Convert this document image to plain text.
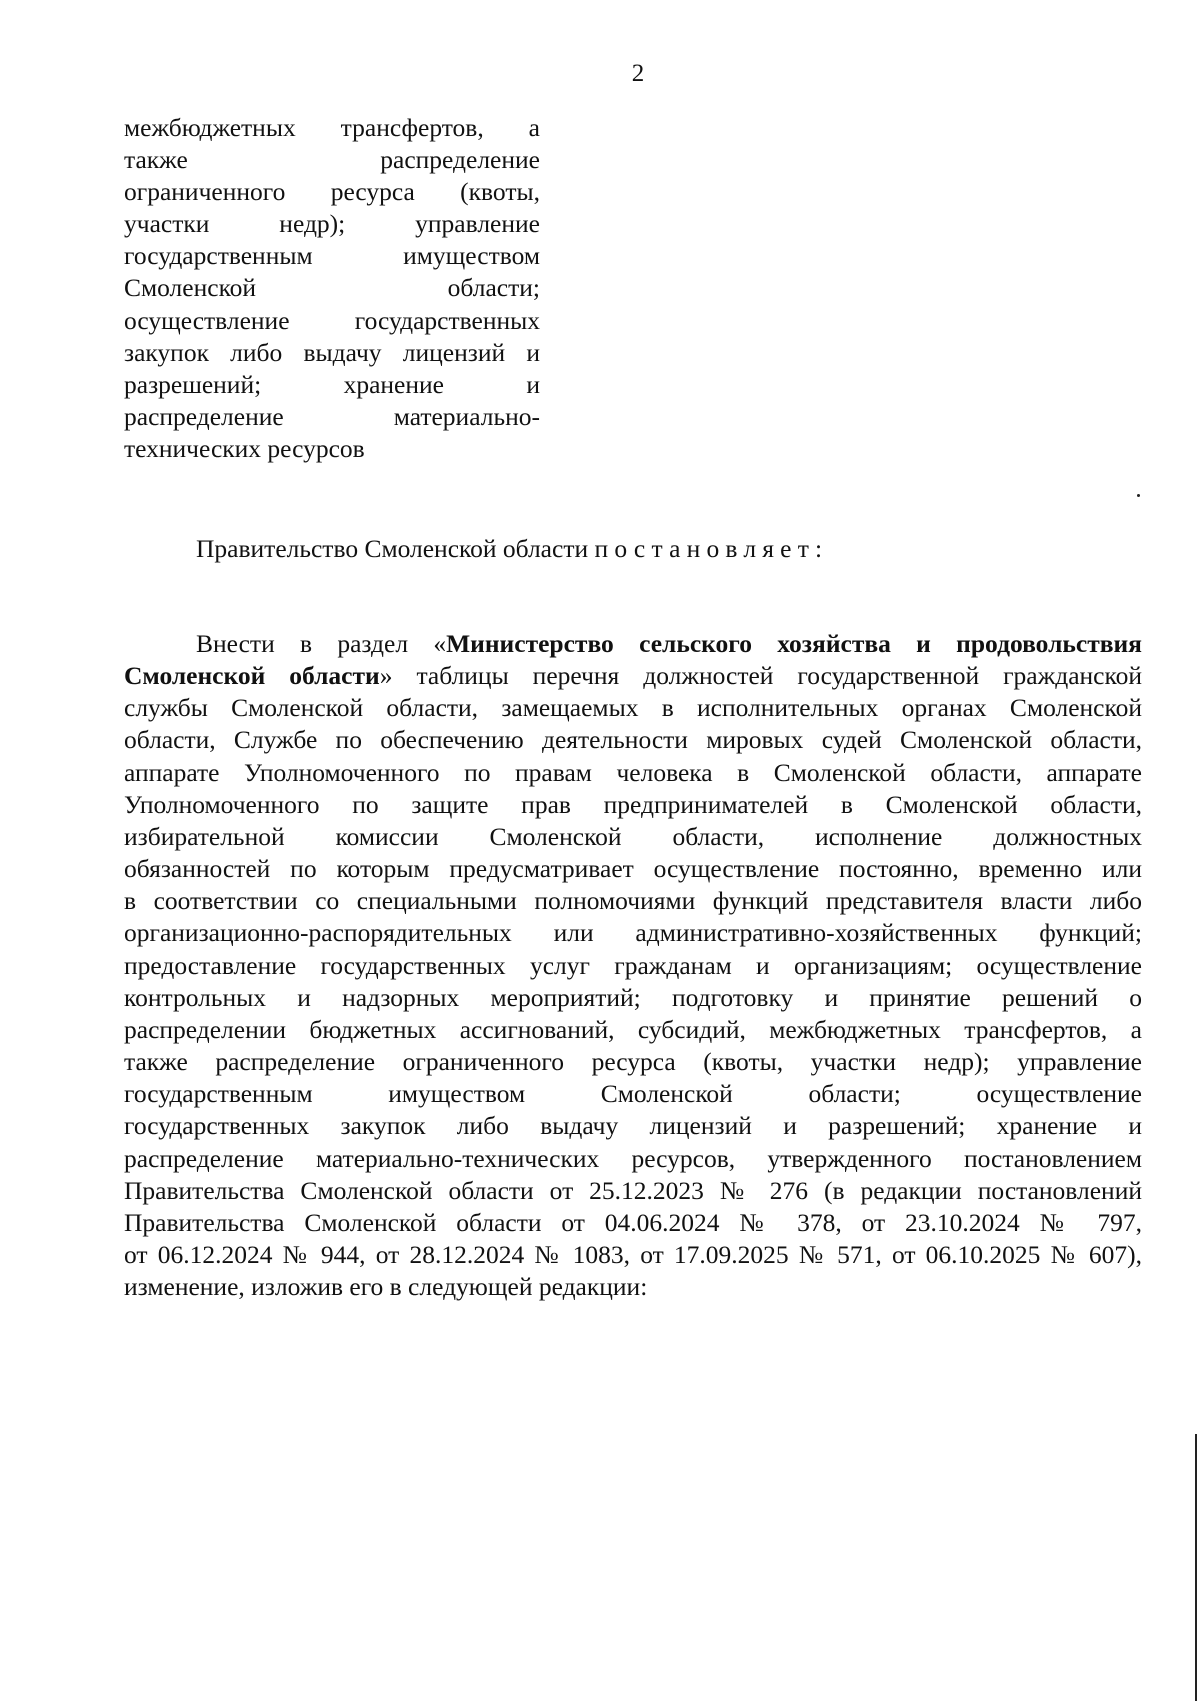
2
межбюджетных трансфертов, а
также распределение
ограниченного ресурса (квоты,
участки недр); управление
государственным имуществом
Смоленской области;
осуществление государственных
закупок либо выдачу лицензий и
разрешений; хранение и
распределение материально-
технических ресурсов
Правительство Смоленской области постановляет:
Внести в раздел «Министерство сельского хозяйства и продовольствия
Смоленской области» таблицы перечня должностей государственной гражданской
службы Смоленской области, замещаемых в исполнительных органах Смоленской
области, Службе по обеспечению деятельности мировых судей Смоленской области,
аппарате Уполномоченного по правам человека в Смоленской области, аппарате
Уполномоченного по защите прав предпринимателей в Смоленской области,
избирательной комиссии Смоленской области, исполнение должностных
обязанностей по которым предусматривает осуществление постоянно, временно или
в соответствии со специальными полномочиями функций представителя власти либо
организационно-распорядительных или административно-хозяйственных функций;
предоставление государственных услуг гражданам и организациям; осуществление
контрольных и надзорных мероприятий; подготовку и принятие решений о
распределении бюджетных ассигнований, субсидий, межбюджетных трансфертов, а
также распределение ограниченного ресурса (квоты, участки недр); управление
государственным имуществом Смоленской области; осуществление
государственных закупок либо выдачу лицензий и разрешений; хранение и
распределение материально-технических ресурсов, утвержденного постановлением
Правительства Смоленской области от 25.12.2023 № 276 (в редакции постановлений
Правительства Смоленской области от 04.06.2024 № 378, от 23.10.2024 № 797,
от 06.12.2024 № 944, от 28.12.2024 № 1083, от 17.09.2025 № 571, от 06.10.2025 № 607),
изменение, изложив его в следующей редакции:
